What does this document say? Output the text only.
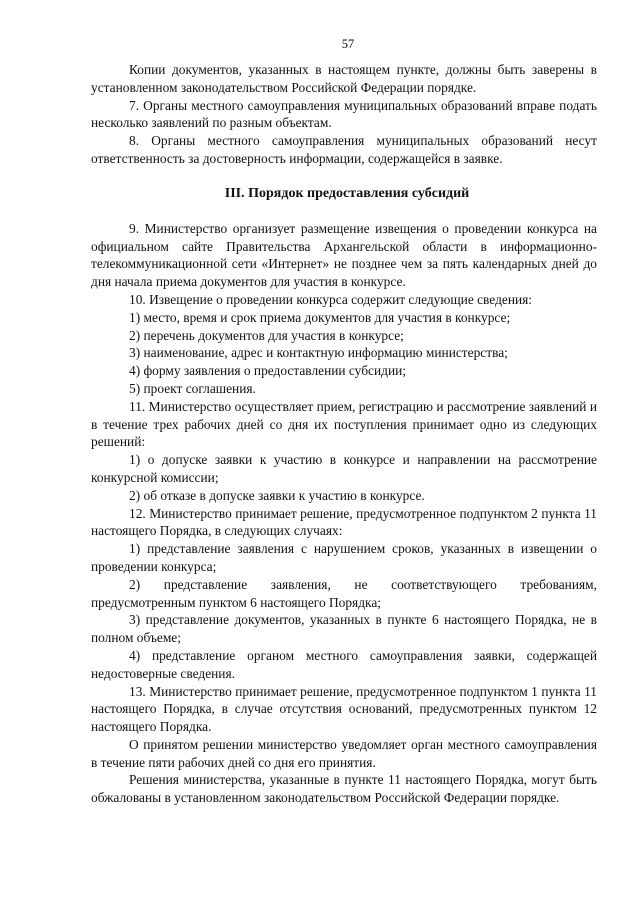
57

Копии документов, указанных в настоящем пункте, должны быть заверены в установленном законодательством Российской Федерации порядке.

7. Органы местного самоуправления муниципальных образований вправе подать несколько заявлений по разным объектам.

8. Органы местного самоуправления муниципальных образований несут ответственность за достоверность информации, содержащейся в заявке.

III. Порядок предоставления субсидий

9. Министерство организует размещение извещения о проведении конкурса на официальном сайте Правительства Архангельской области в информационно-телекоммуникационной сети «Интернет» не позднее чем за пять календарных дней до дня начала приема документов для участия в конкурсе.

10. Извещение о проведении конкурса содержит следующие сведения:

1) место, время и срок приема документов для участия в конкурсе;

2) перечень документов для участия в конкурсе;

3) наименование, адрес и контактную информацию министерства;

4) форму заявления о предоставлении субсидии;

5) проект соглашения.

11. Министерство осуществляет прием, регистрацию и рассмотрение заявлений и в течение трех рабочих дней со дня их поступления принимает одно из следующих решений:

1) о допуске заявки к участию в конкурсе и направлении на рассмотрение конкурсной комиссии;

2) об отказе в допуске заявки к участию в конкурсе.

12. Министерство принимает решение, предусмотренное подпунктом 2 пункта 11 настоящего Порядка, в следующих случаях:

1) представление заявления с нарушением сроков, указанных в извещении о проведении конкурса;

2) представление заявления, не соответствующего требованиям, предусмотренным пунктом 6 настоящего Порядка;

3) представление документов, указанных в пункте 6 настоящего Порядка, не в полном объеме;

4) представление органом местного самоуправления заявки, содержащей недостоверные сведения.

13. Министерство принимает решение, предусмотренное подпунктом 1 пункта 11 настоящего Порядка, в случае отсутствия оснований, предусмотренных пунктом 12 настоящего Порядка.

О принятом решении министерство уведомляет орган местного самоуправления в течение пяти рабочих дней со дня его принятия.

Решения министерства, указанные в пункте 11 настоящего Порядка, могут быть обжалованы в установленном законодательством Российской Федерации порядке.
